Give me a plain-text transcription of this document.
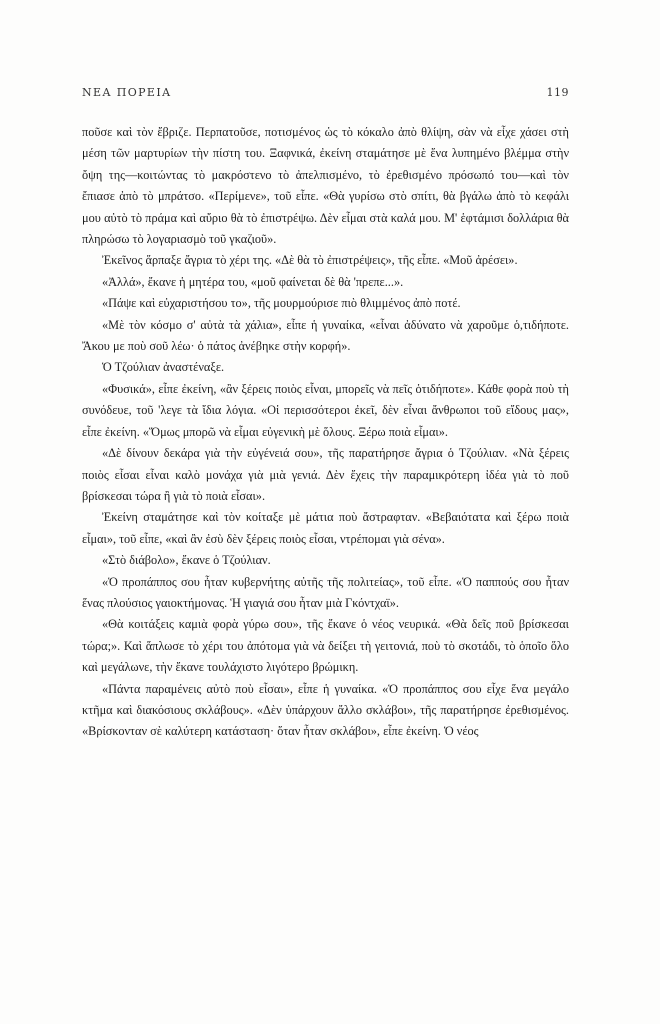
ΝΕΑ ΠΟΡΕΙΑ	119

ποῦσε καὶ τὸν ἔβριζε. Περπατοῦσε, ποτισμένος ὡς τὸ κόκαλο ἀπὸ θλίψη, σὰν νὰ εἶχε χάσει στὴ μέση τῶν μαρτυρίων τὴν πίστη του. Ξαφνικά, ἐκείνη σταμάτησε μὲ ἕνα λυπημένο βλέμμα στὴν ὄψη της—κοιτώντας τὸ μακρόστενο τὸ ἀπελπισμένο, τὸ ἐρεθισμένο πρόσωπό του—καὶ τὸν ἔπιασε ἀπὸ τὸ μπράτσο. «Περίμενε», τοῦ εἶπε. «Θὰ γυρίσω στὸ σπίτι, θὰ βγάλω ἀπὸ τὸ κεφάλι μου αὐτὸ τὸ πράμα καὶ αὔριο θὰ τὸ ἐπιστρέψω. Δὲν εἶμαι στὰ καλά μου. Μ' ἑφτάμισι δολλάρια θὰ πληρώσω τὸ λογαριασμὸ τοῦ γκαζιοῦ».

Ἐκεῖνος ἅρπαξε ἄγρια τὸ χέρι της. «Δὲ θὰ τὸ ἐπιστρέψεις», τῆς εἶπε. «Μοῦ ἀρέσει».

«Ἀλλά», ἔκανε ἡ μητέρα του, «μοῦ φαίνεται δὲ θὰ 'πρεπε...».

«Πάψε καὶ εὐχαριστήσου το», τῆς μουρμούρισε πιὸ θλιμμένος ἀπὸ ποτέ.

«Μὲ τὸν κόσμο σ' αὐτὰ τὰ χάλια», εἶπε ἡ γυναίκα, «εἶναι ἀδύνατο νὰ χαροῦμε ὁ,τιδήποτε. Ἄκου με ποὺ σοῦ λέω· ὁ πάτος ἀνέβηκε στὴν κορφή».

Ὁ Τζούλιαν ἀναστέναξε.

«Φυσικά», εἶπε ἐκείνη, «ἂν ξέρεις ποιὸς εἶναι, μπορεῖς νὰ πεῖς ὁτιδήποτε». Κάθε φορὰ ποὺ τὴ συνόδευε, τοῦ 'λεγε τὰ ἴδια λόγια. «Οἱ περισσότεροι ἐκεῖ, δὲν εἶναι ἄνθρωποι τοῦ εἴδους μας», εἶπε ἐκείνη. «Ὅμως μπορῶ νὰ εἶμαι εὐγενικὴ μὲ ὅλους. Ξέρω ποιὰ εἶμαι».

«Δὲ δίνουν δεκάρα γιὰ τὴν εὐγένειά σου», τῆς παρατήρησε ἄγρια ὁ Τζούλιαν. «Νὰ ξέρεις ποιὸς εἶσαι εἶναι καλὸ μονάχα γιὰ μιὰ γενιά. Δὲν ἔχεις τὴν παραμικρότερη ἰδέα γιὰ τὸ ποῦ βρίσκεσαι τώρα ἢ γιὰ τὸ ποιὰ εἶσαι».

Ἐκείνη σταμάτησε καὶ τὸν κοίταξε μὲ μάτια ποὺ ἄστραφταν. «Βεβαιότατα καὶ ξέρω ποιὰ εἶμαι», τοῦ εἶπε, «καὶ ἂν ἐσὺ δὲν ξέρεις ποιὸς εἶσαι, ντρέπομαι γιὰ σένα».

«Στὸ διάβολο», ἔκανε ὁ Τζούλιαν.

«Ὁ προπάππος σου ἦταν κυβερνήτης αὐτῆς τῆς πολιτείας», τοῦ εἶπε. «Ὁ παππούς σου ἦταν ἕνας πλούσιος γαιοκτήμονας. Ἡ γιαγιά σου ἦταν μιὰ Γκόντχαϊ».

«Θὰ κοιτάξεις καμιὰ φορὰ γύρω σου», τῆς ἔκανε ὁ νέος νευρικά. «Θὰ δεῖς ποῦ βρίσκεσαι τώρα;». Καὶ ἅπλωσε τὸ χέρι του ἀπότομα γιὰ νὰ δείξει τὴ γειτονιά, ποὺ τὸ σκοτάδι, τὸ ὁποῖο ὅλο καὶ μεγάλωνε, τὴν ἔκανε τουλάχιστο λιγότερο βρώμικη.

«Πάντα παραμένεις αὐτὸ ποὺ εἶσαι», εἶπε ἡ γυναίκα. «Ὁ προπάππος σου εἶχε ἕνα μεγάλο κτῆμα καὶ διακόσιους σκλάβους». «Δὲν ὑπάρχουν ἄλλο σκλάβοι», τῆς παρατήρησε ἐρεθισμένος. «Βρίσκονταν σὲ καλύτερη κατάσταση· ὅταν ἦταν σκλάβοι», εἶπε ἐκείνη. Ὁ νέος
